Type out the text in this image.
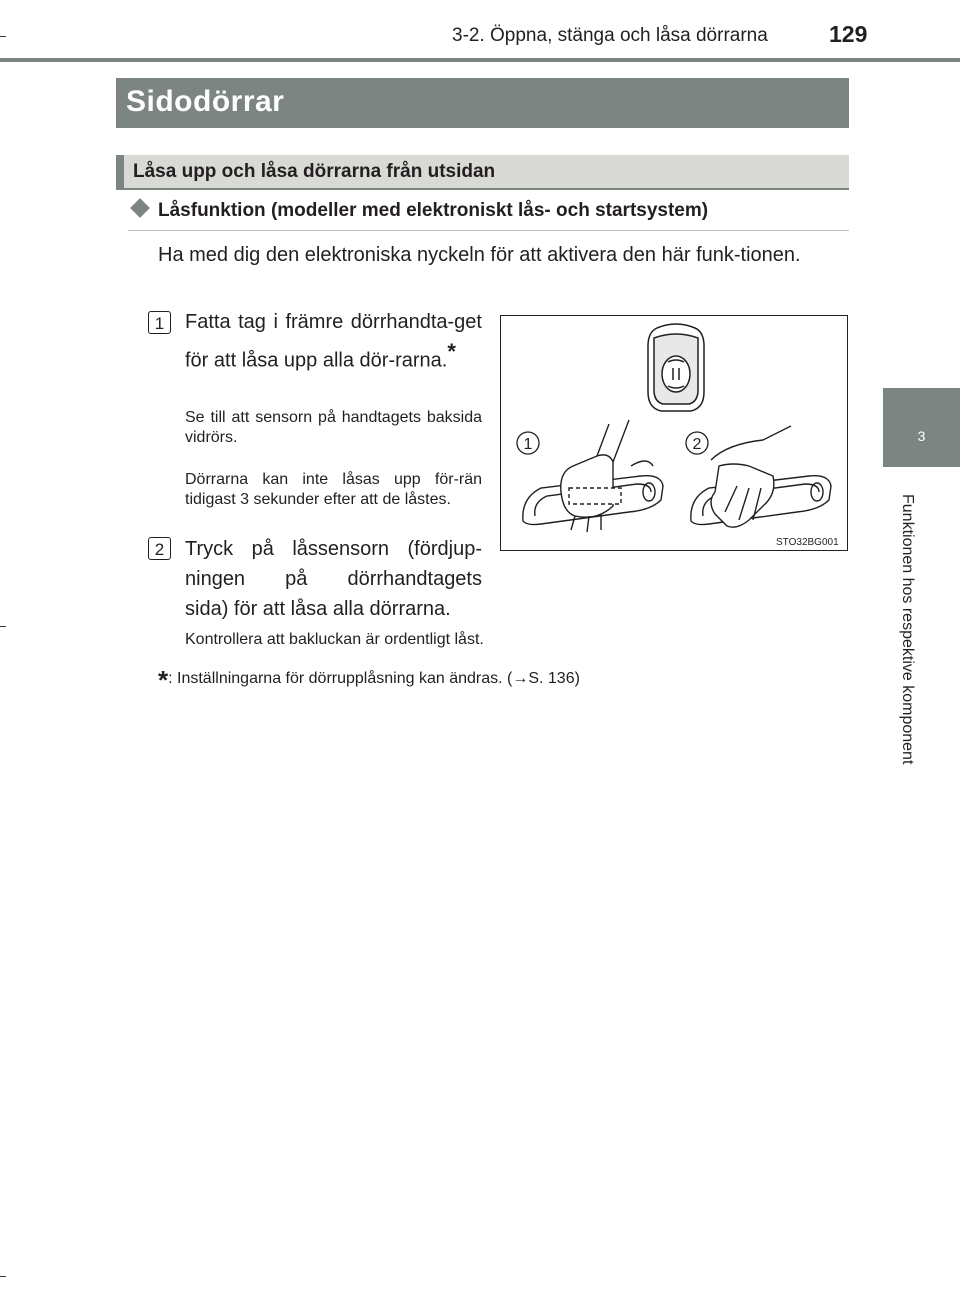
3-2. Öppna, stänga och låsa dörrarna	129
Sidodörrar
Låsa upp och låsa dörrarna från utsidan
Låsfunktion (modeller med elektroniskt lås- och startsystem)
Ha med dig den elektroniska nyckeln för att aktivera den här funk-tionen.
1	Fatta tag i främre dörrhandta-get för att låsa upp alla dör-rarna.*
Se till att sensorn på handtagets baksida vidrörs.
Dörrarna kan inte låsas upp för-rän tidigast 3 sekunder efter att de låstes.
2	Tryck på låssensorn (fördjup-
ningen på dörrhandtagets
sida) för att låsa alla dörrarna.
Kontrollera att bakluckan är ordentligt låst.
*: Inställningarna för dörrupplåsning kan ändras. (→S. 136)
1	2
STO32BG001
3
Funktionen hos respektive komponent
